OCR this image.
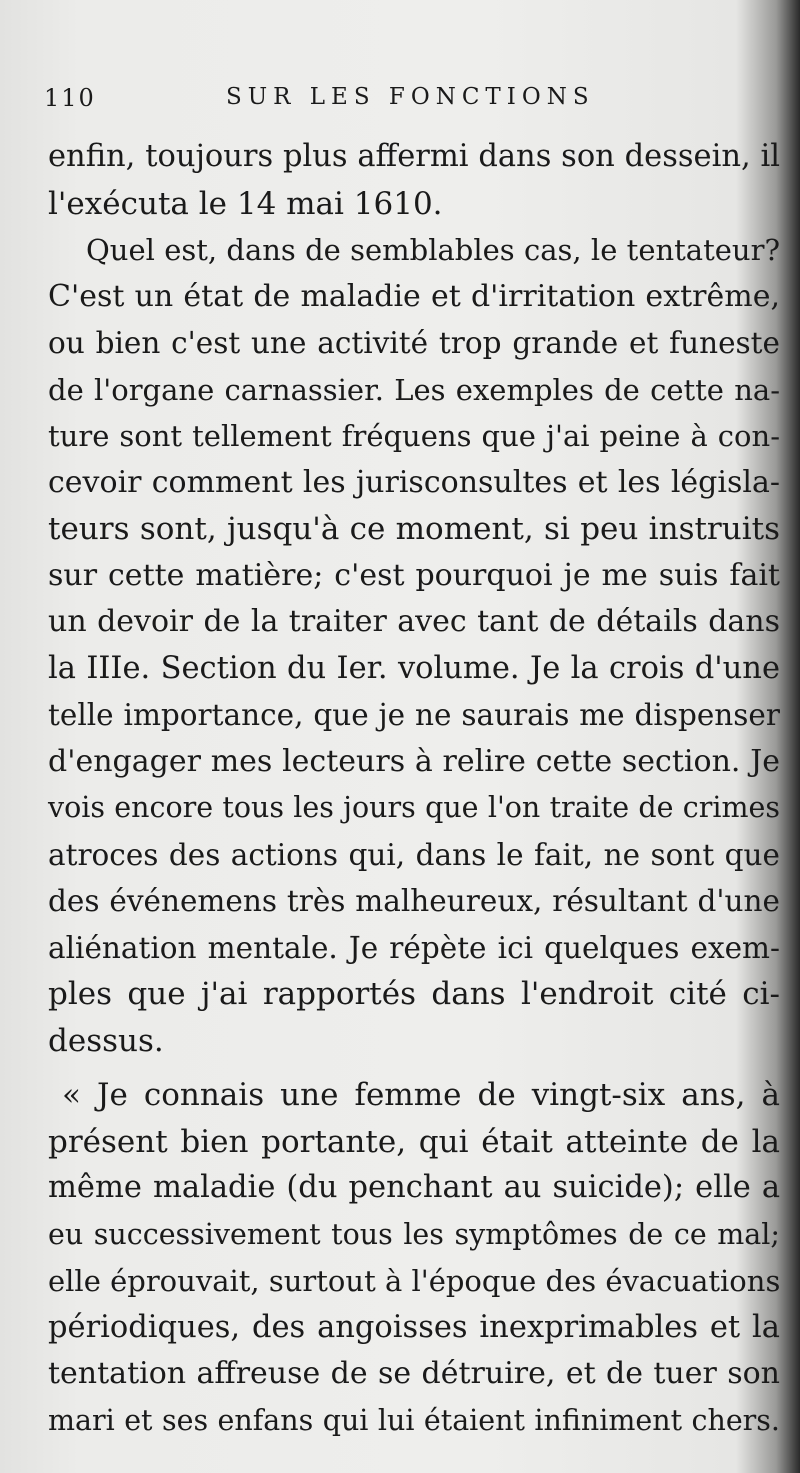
110	SUR LES FONCTIONS
enfin, toujours plus affermi dans son dessein, il
l'exécuta le 14 mai 1610.
Quel est, dans de semblables cas, le tentateur?
C'est un état de maladie et d'irritation extrême,
ou bien c'est une activité trop grande et funeste
de l'organe carnassier. Les exemples de cette na-
ture sont tellement fréquens que j'ai peine à con-
cevoir comment les jurisconsultes et les législa-
teurs sont, jusqu'à ce moment, si peu instruits
sur cette matière; c'est pourquoi je me suis fait
un devoir de la traiter avec tant de détails dans
la IIIe. Section du Ier. volume. Je la crois d'une
telle importance, que je ne saurais me dispenser
d'engager mes lecteurs à relire cette section. Je
vois encore tous les jours que l'on traite de crimes
atroces des actions qui, dans le fait, ne sont que
des événemens très malheureux, résultant d'une
aliénation mentale. Je répète ici quelques exem-
ples que j'ai rapportés dans l'endroit cité ci-
dessus.
« Je connais une femme de vingt-six ans, à
présent bien portante, qui était atteinte de la
même maladie (du penchant au suicide); elle a
eu successivement tous les symptômes de ce mal;
elle éprouvait, surtout à l'époque des évacuations
périodiques, des angoisses inexprimables et la
tentation affreuse de se détruire, et de tuer son
mari et ses enfans qui lui étaient infiniment chers.
